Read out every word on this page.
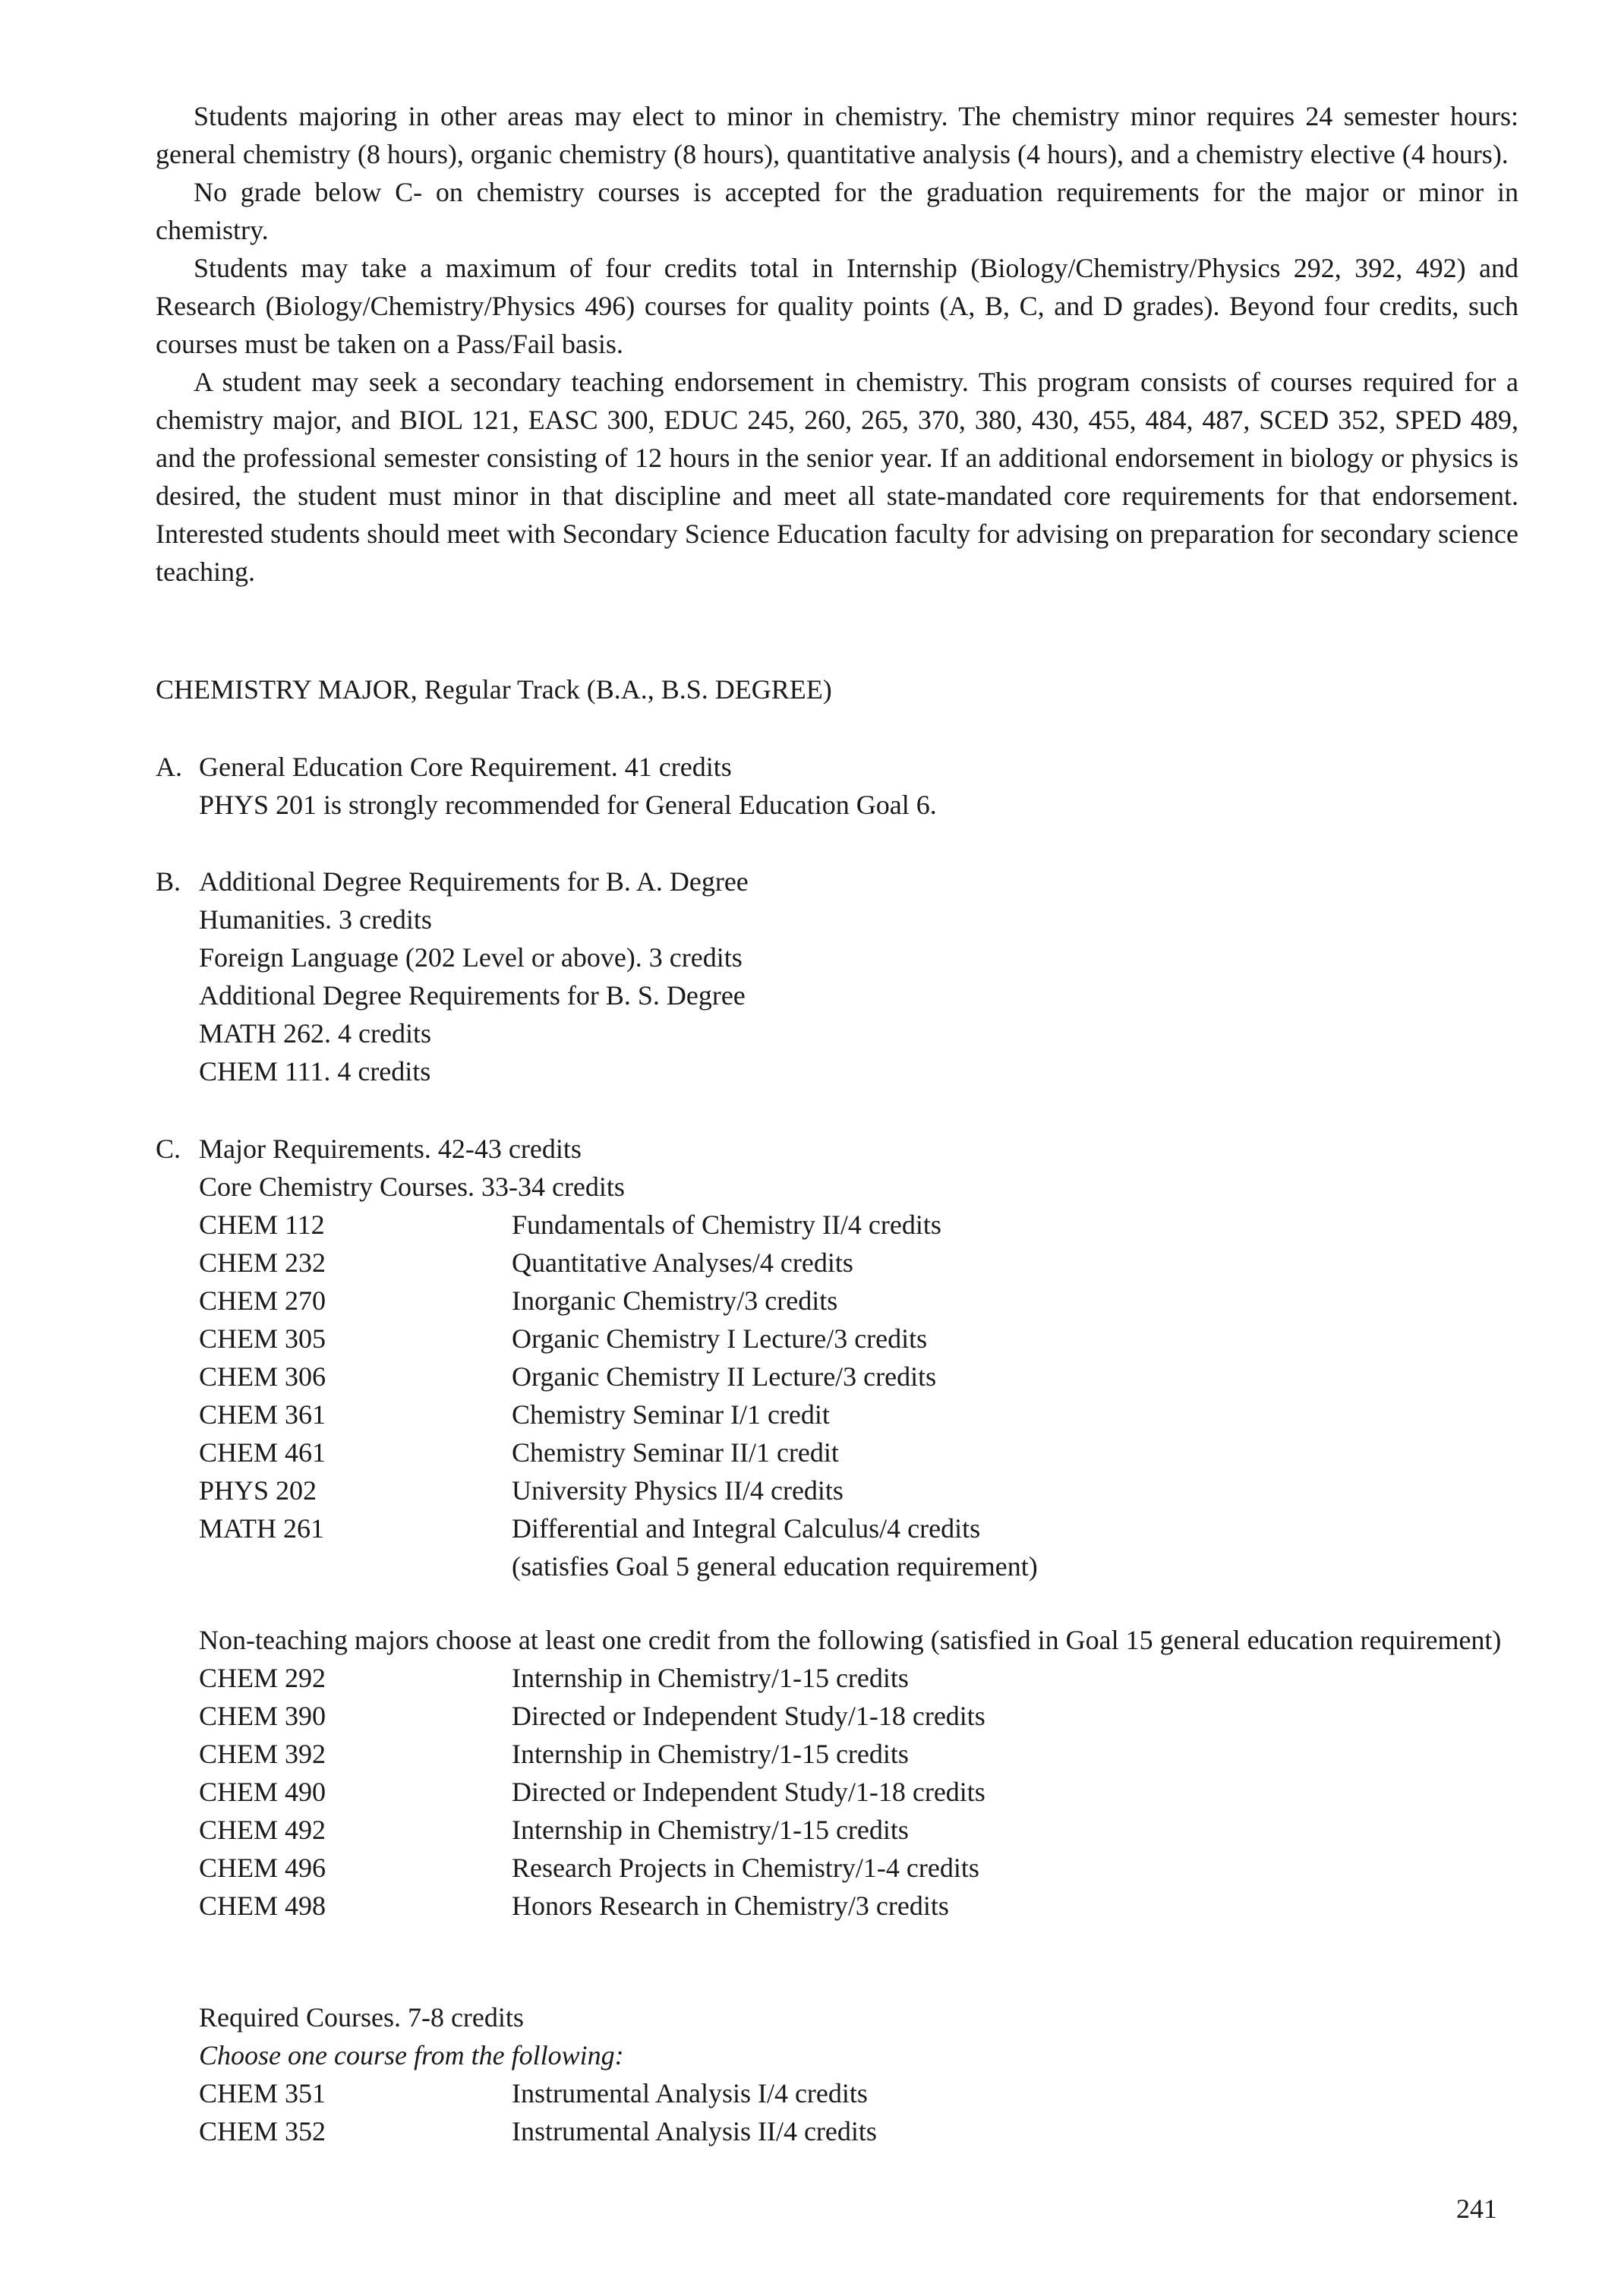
Students majoring in other areas may elect to minor in chemistry. The chemistry minor requires 24 semester hours: general chemistry (8 hours), organic chemistry (8 hours), quantitative analysis (4 hours), and a chemistry elective (4 hours).

No grade below C- on chemistry courses is accepted for the graduation requirements for the major or minor in chemistry.

Students may take a maximum of four credits total in Internship (Biology/Chemistry/Physics 292, 392, 492) and Research (Biology/Chemistry/Physics 496) courses for quality points (A, B, C, and D grades). Beyond four credits, such courses must be taken on a Pass/Fail basis.

A student may seek a secondary teaching endorsement in chemistry. This program consists of courses required for a chemistry major, and BIOL 121, EASC 300, EDUC 245, 260, 265, 370, 380, 430, 455, 484, 487, SCED 352, SPED 489, and the professional semester consisting of 12 hours in the senior year. If an additional endorsement in biology or physics is desired, the student must minor in that discipline and meet all state-mandated core requirements for that endorsement. Interested students should meet with Secondary Science Education faculty for advising on preparation for secondary science teaching.

CHEMISTRY MAJOR, Regular Track (B.A., B.S. DEGREE)
A. General Education Core Requirement. 41 credits
PHYS 201 is strongly recommended for General Education Goal 6.
B. Additional Degree Requirements for B. A. Degree
Humanities. 3 credits
Foreign Language (202 Level or above). 3 credits
Additional Degree Requirements for B. S. Degree
MATH 262. 4 credits
CHEM 111. 4 credits
C. Major Requirements. 42-43 credits
Core Chemistry Courses. 33-34 credits
CHEM 112	Fundamentals of Chemistry II/4 credits
CHEM 232	Quantitative Analyses/4 credits
CHEM 270	Inorganic Chemistry/3 credits
CHEM 305	Organic Chemistry I Lecture/3 credits
CHEM 306	Organic Chemistry II Lecture/3 credits
CHEM 361	Chemistry Seminar I/1 credit
CHEM 461	Chemistry Seminar II/1 credit
PHYS 202	University Physics II/4 credits
MATH 261	Differential and Integral Calculus/4 credits
(satisfies Goal 5 general education requirement)
Non-teaching majors choose at least one credit from the following (satisfied in Goal 15 general education requirement)
CHEM 292	Internship in Chemistry/1-15 credits
CHEM 390	Directed or Independent Study/1-18 credits
CHEM 392	Internship in Chemistry/1-15 credits
CHEM 490	Directed or Independent Study/1-18 credits
CHEM 492	Internship in Chemistry/1-15 credits
CHEM 496	Research Projects in Chemistry/1-4 credits
CHEM 498	Honors Research in Chemistry/3 credits
Required Courses. 7-8 credits
Choose one course from the following:
CHEM 351	Instrumental Analysis I/4 credits
CHEM 352	Instrumental Analysis II/4 credits
241
